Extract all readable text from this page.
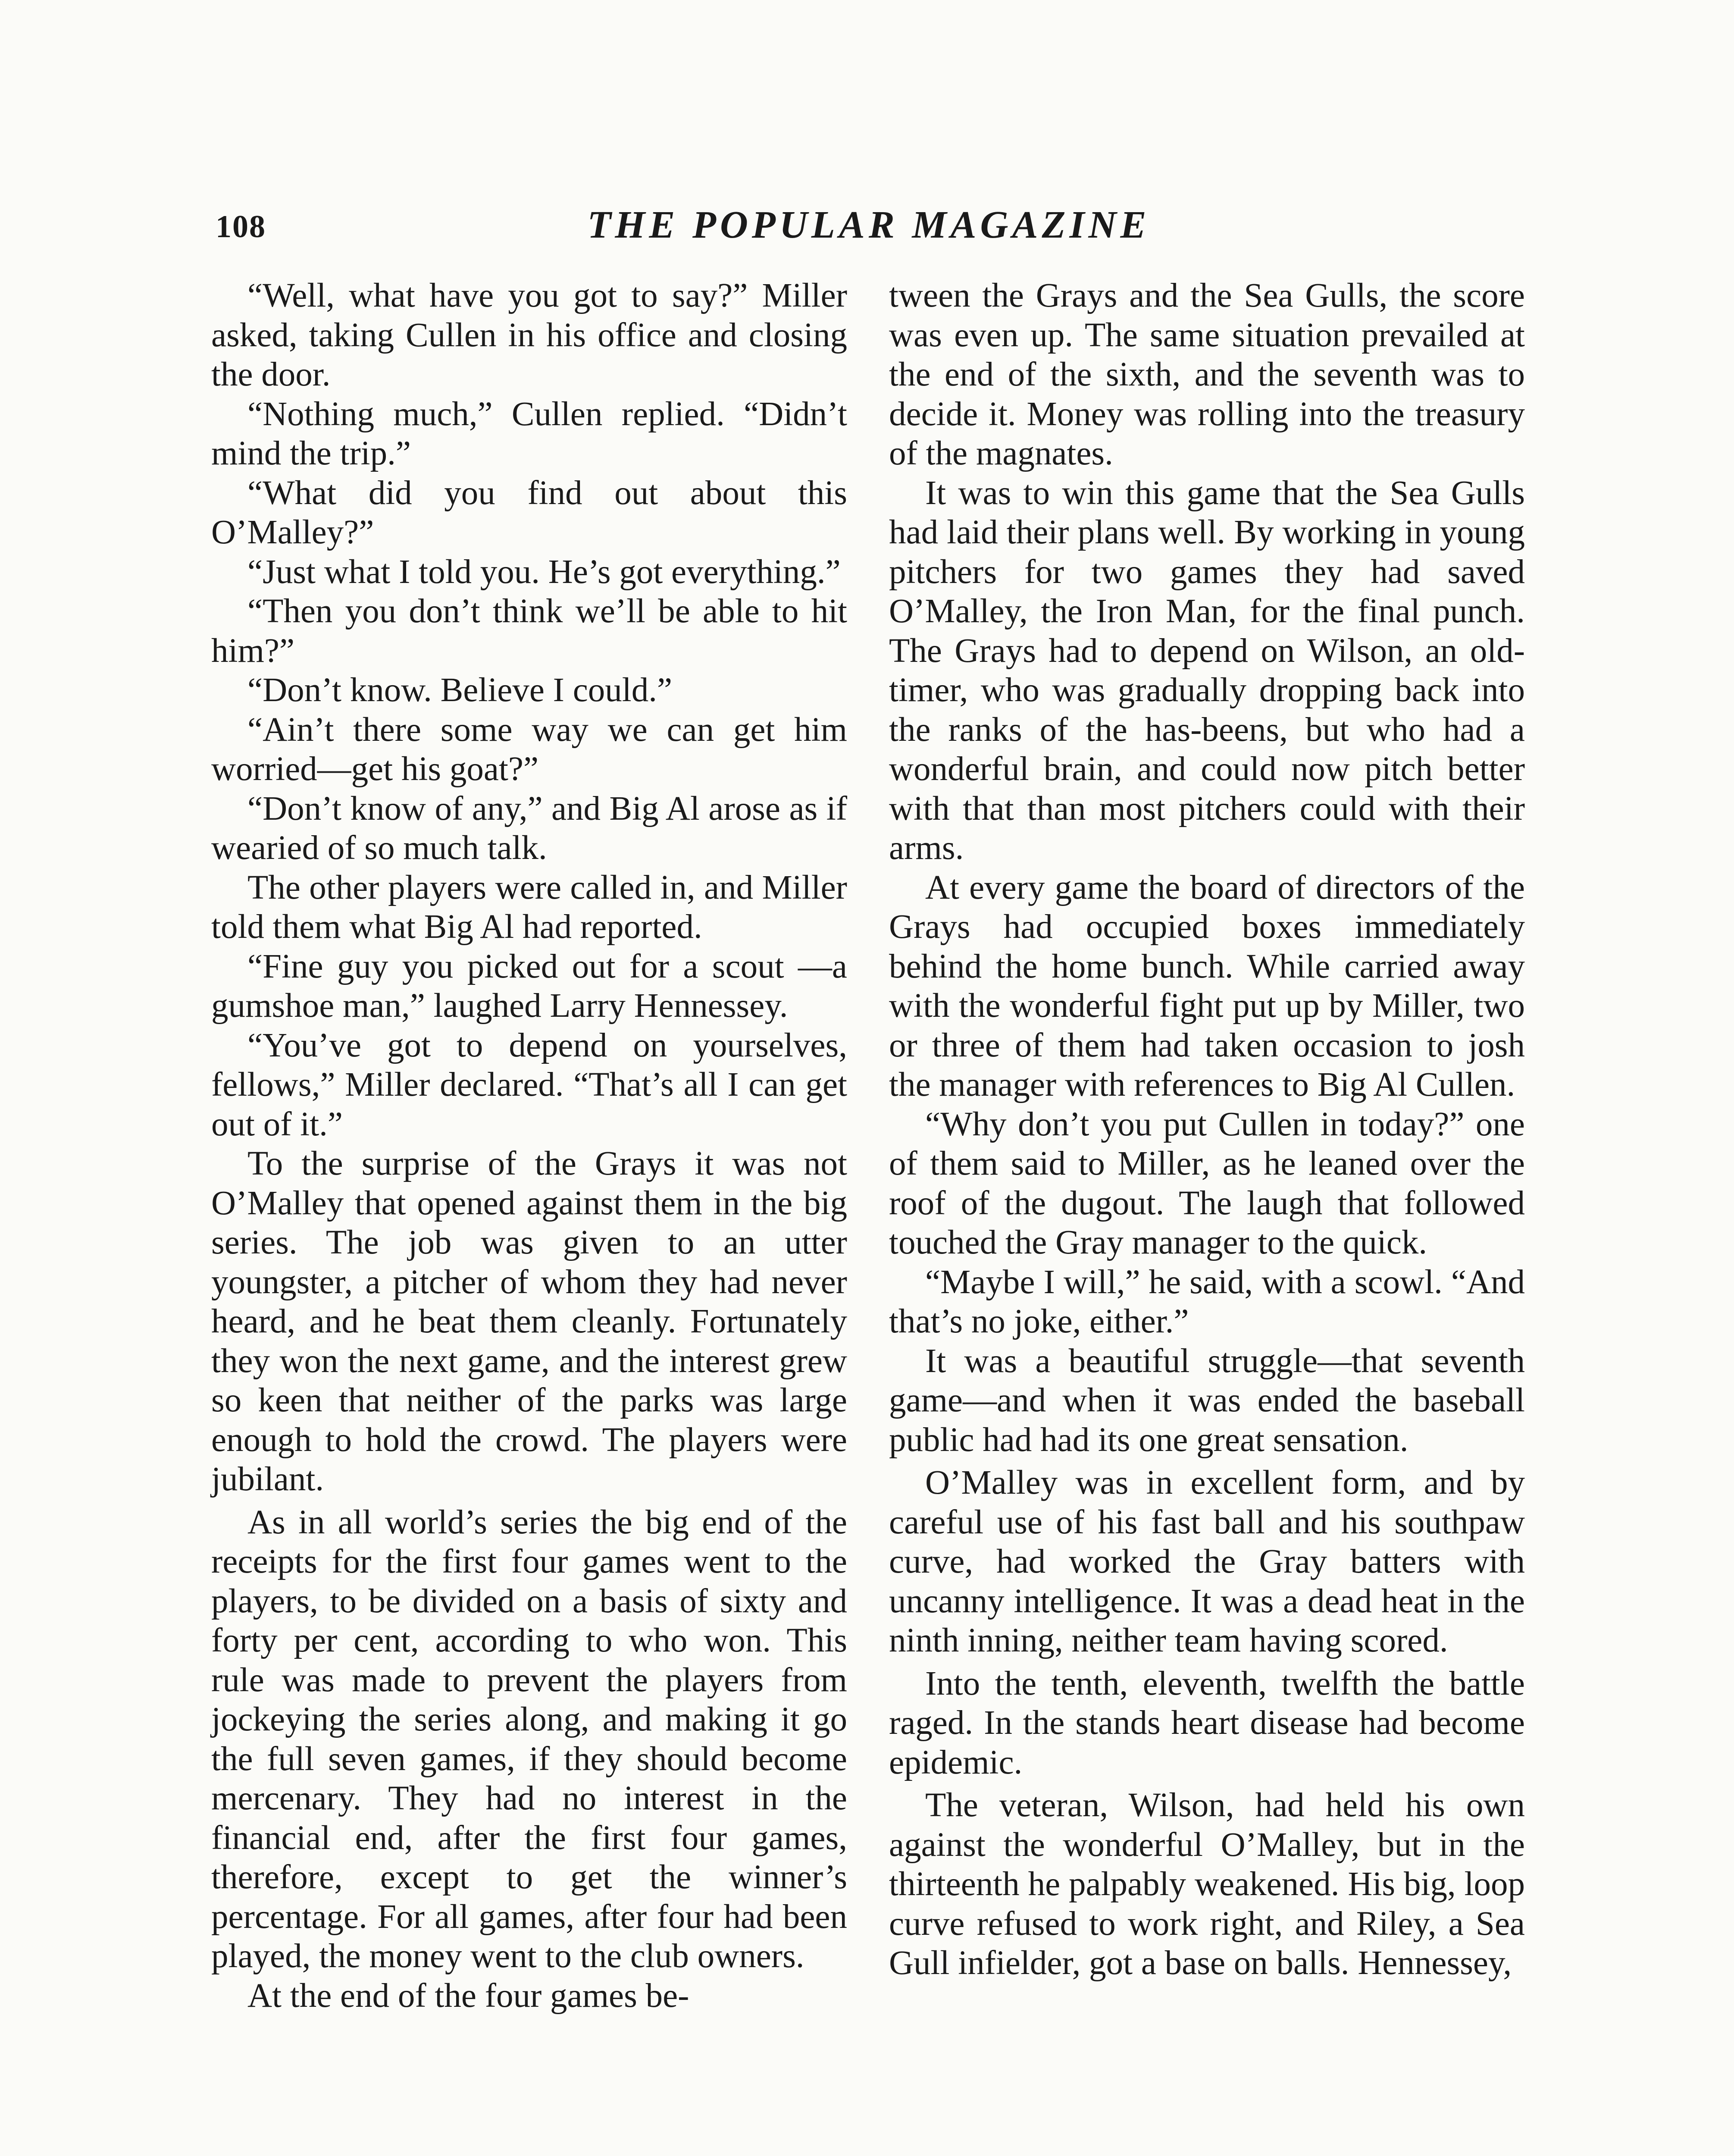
108	THE POPULAR MAGAZINE

“Well, what have you got to say?” Miller asked, taking Cullen in his office and closing the door.

“Nothing much,” Cullen replied. “Didn’t mind the trip.”

“What did you find out about this O’Malley?”

“Just what I told you. He’s got everything.”

“Then you don’t think we’ll be able to hit him?”

“Don’t know. Believe I could.”

“Ain’t there some way we can get him worried—get his goat?”

“Don’t know of any,” and Big Al arose as if wearied of so much talk.

The other players were called in, and Miller told them what Big Al had reported.

“Fine guy you picked out for a scout —a gumshoe man,” laughed Larry Hennessey.

“You’ve got to depend on yourselves, fellows,” Miller declared. “That’s all I can get out of it.”

To the surprise of the Grays it was not O’Malley that opened against them in the big series. The job was given to an utter youngster, a pitcher of whom they had never heard, and he beat them cleanly. Fortunately they won the next game, and the interest grew so keen that neither of the parks was large enough to hold the crowd. The players were jubilant.

As in all world’s series the big end of the receipts for the first four games went to the players, to be divided on a basis of sixty and forty per cent, according to who won. This rule was made to prevent the players from jockeying the series along, and making it go the full seven games, if they should become mercenary. They had no interest in the financial end, after the first four games, therefore, except to get the winner’s percentage. For all games, after four had been played, the money went to the club owners.

At the end of the four games be-

tween the Grays and the Sea Gulls, the score was even up. The same situation prevailed at the end of the sixth, and the seventh was to decide it. Money was rolling into the treasury of the magnates.

It was to win this game that the Sea Gulls had laid their plans well. By working in young pitchers for two games they had saved O’Malley, the Iron Man, for the final punch. The Grays had to depend on Wilson, an old-timer, who was gradually dropping back into the ranks of the has-beens, but who had a wonderful brain, and could now pitch better with that than most pitchers could with their arms.

At every game the board of directors of the Grays had occupied boxes immediately behind the home bunch. While carried away with the wonderful fight put up by Miller, two or three of them had taken occasion to josh the manager with references to Big Al Cullen.

“Why don’t you put Cullen in today?” one of them said to Miller, as he leaned over the roof of the dugout. The laugh that followed touched the Gray manager to the quick.

“Maybe I will,” he said, with a scowl. “And that’s no joke, either.”

It was a beautiful struggle—that seventh game—and when it was ended the baseball public had had its one great sensation.

O’Malley was in excellent form, and by careful use of his fast ball and his southpaw curve, had worked the Gray batters with uncanny intelligence. It was a dead heat in the ninth inning, neither team having scored.

Into the tenth, eleventh, twelfth the battle raged. In the stands heart disease had become epidemic.

The veteran, Wilson, had held his own against the wonderful O’Malley, but in the thirteenth he palpably weakened. His big, loop curve refused to work right, and Riley, a Sea Gull infielder, got a base on balls. Hennessey,
